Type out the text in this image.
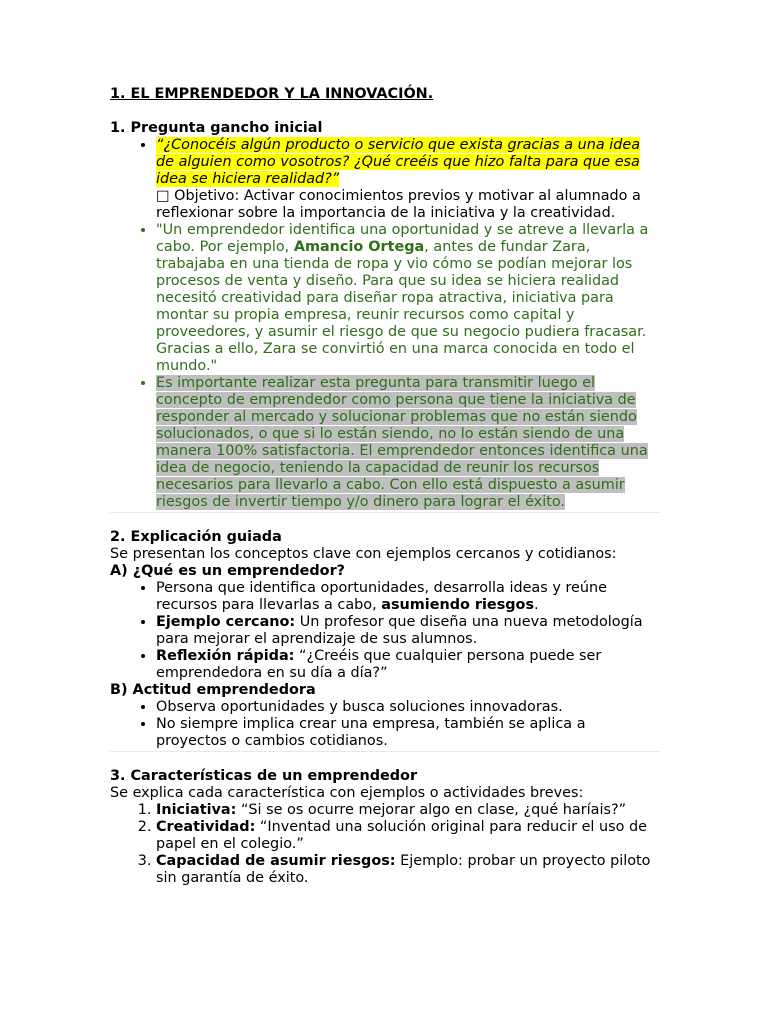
1. EL EMPRENDEDOR Y LA INNOVACIÓN.

1. Pregunta gancho inicial

• “¿Conocéis algún producto o servicio que exista gracias a una idea de alguien como vosotros? ¿Qué creéis que hizo falta para que esa idea se hiciera realidad?”
□ Objetivo: Activar conocimientos previos y motivar al alumnado a reflexionar sobre la importancia de la iniciativa y la creatividad.
• "Un emprendedor identifica una oportunidad y se atreve a llevarla a cabo. Por ejemplo, Amancio Ortega, antes de fundar Zara, trabajaba en una tienda de ropa y vio cómo se podían mejorar los procesos de venta y diseño. Para que su idea se hiciera realidad necesitó creatividad para diseñar ropa atractiva, iniciativa para montar su propia empresa, reunir recursos como capital y proveedores, y asumir el riesgo de que su negocio pudiera fracasar. Gracias a ello, Zara se convirtió en una marca conocida en todo el mundo."
• Es importante realizar esta pregunta para transmitir luego el concepto de emprendedor como persona que tiene la iniciativa de responder al mercado y solucionar problemas que no están siendo solucionados, o que si lo están siendo, no lo están siendo de una manera 100% satisfactoria. El emprendedor entonces identifica una idea de negocio, teniendo la capacidad de reunir los recursos necesarios para llevarlo a cabo. Con ello está dispuesto a asumir riesgos de invertir tiempo y/o dinero para lograr el éxito.

2. Explicación guiada

Se presentan los conceptos clave con ejemplos cercanos y cotidianos:

A) ¿Qué es un emprendedor?

• Persona que identifica oportunidades, desarrolla ideas y reúne recursos para llevarlas a cabo, asumiendo riesgos.
• Ejemplo cercano: Un profesor que diseña una nueva metodología para mejorar el aprendizaje de sus alumnos.
• Reflexión rápida: “¿Creéis que cualquier persona puede ser emprendedora en su día a día?”

B) Actitud emprendedora

• Observa oportunidades y busca soluciones innovadoras.
• No siempre implica crear una empresa, también se aplica a proyectos o cambios cotidianos.

3. Características de un emprendedor

Se explica cada característica con ejemplos o actividades breves:

1. Iniciativa: “Si se os ocurre mejorar algo en clase, ¿qué haríais?”
2. Creatividad: “Inventad una solución original para reducir el uso de papel en el colegio.”
3. Capacidad de asumir riesgos: Ejemplo: probar un proyecto piloto sin garantía de éxito.
